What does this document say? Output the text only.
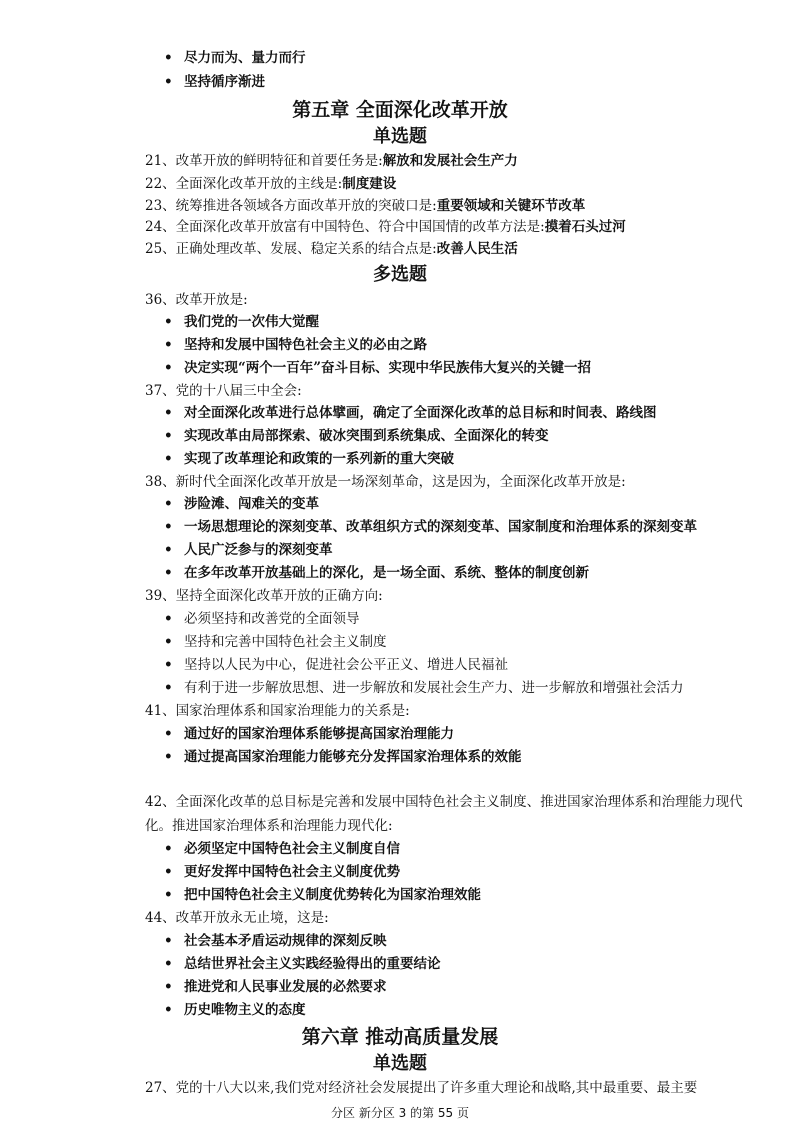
• 尽力而为、量力而行
• 坚持循序渐进
第五章 全面深化改革开放
单选题
21、改革开放的鲜明特征和首要任务是:解放和发展社会生产力
22、全面深化改革开放的主线是:制度建设
23、统筹推进各领域各方面改革开放的突破口是:重要领域和关键环节改革
24、全面深化改革开放富有中国特色、符合中国国情的改革方法是:摸着石头过河
25、正确处理改革、发展、稳定关系的结合点是:改善人民生活
多选题
36、改革开放是:
• 我们党的一次伟大觉醒
• 坚持和发展中国特色社会主义的必由之路
• 决定实现“两个一百年”奋斗目标、实现中华民族伟大复兴的关键一招
37、党的十八届三中全会:
• 对全面深化改革进行总体擘画，确定了全面深化改革的总目标和时间表、路线图
• 实现改革由局部探索、破冰突围到系统集成、全面深化的转变
• 实现了改革理论和政策的一系列新的重大突破
38、新时代全面深化改革开放是一场深刻革命，这是因为，全面深化改革开放是:
• 涉险滩、闯难关的变革
• 一场思想理论的深刻变革、改革组织方式的深刻变革、国家制度和治理体系的深刻变革
• 人民广泛参与的深刻变革
• 在多年改革开放基础上的深化，是一场全面、系统、整体的制度创新
39、坚持全面深化改革开放的正确方向:
• 必须坚持和改善党的全面领导
• 坚持和完善中国特色社会主义制度
• 坚持以人民为中心，促进社会公平正义、增进人民福祉
• 有利于进一步解放思想、进一步解放和发展社会生产力、进一步解放和增强社会活力
41、国家治理体系和国家治理能力的关系是:
• 通过好的国家治理体系能够提高国家治理能力
• 通过提高国家治理能力能够充分发挥国家治理体系的效能
42、全面深化改革的总目标是完善和发展中国特色社会主义制度、推进国家治理体系和治理能力现代化。推进国家治理体系和治理能力现代化:
• 必须坚定中国特色社会主义制度自信
• 更好发挥中国特色社会主义制度优势
• 把中国特色社会主义制度优势转化为国家治理效能
44、改革开放永无止境，这是:
• 社会基本矛盾运动规律的深刻反映
• 总结世界社会主义实践经验得出的重要结论
• 推进党和人民事业发展的必然要求
• 历史唯物主义的态度
第六章 推动高质量发展
单选题
27、党的十八大以来,我们党对经济社会发展提出了许多重大理论和战略,其中最重要、最主要
分区 新分区 3 的第 55 页
